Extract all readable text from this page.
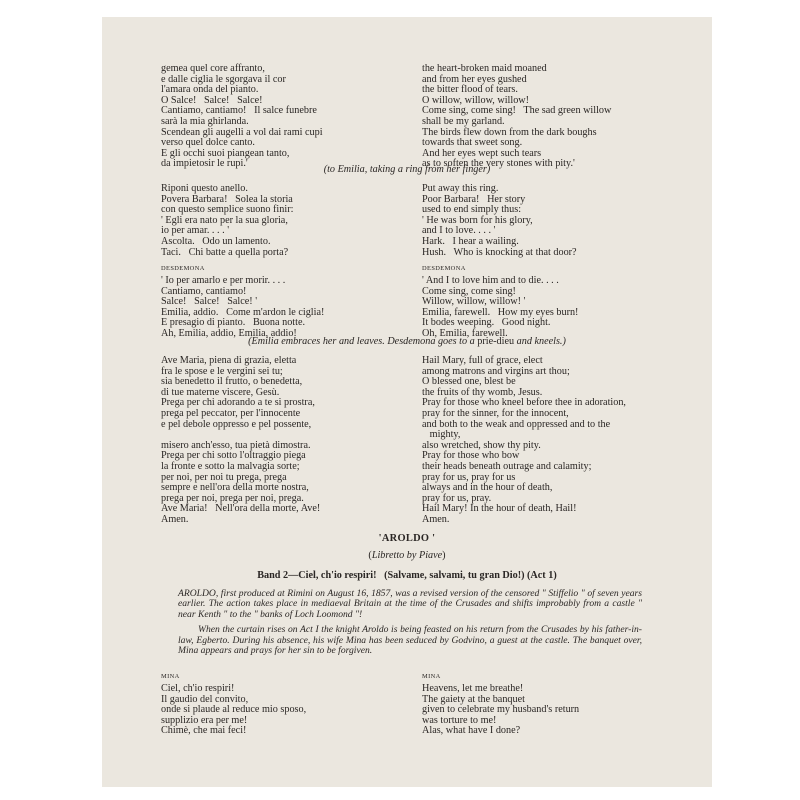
gemea quel core affranto,
e dalle ciglia le sgorgava il cor
l'amara onda del pianto.
O Salce!   Salce!   Salce!
Cantiamo, cantiamo!   Il salce funebre
sarà la mia ghirlanda.
Scendean gli augelli a vol dai rami cupi
verso quel dolce canto.
E gli occhi suoi piangean tanto,
da impietosir le rupi.'
the heart-broken maid moaned
and from her eyes gushed
the bitter flood of tears.
O willow, willow, willow!
Come sing, come sing!   The sad green willow
shall be my garland.
The birds flew down from the dark boughs
towards that sweet song.
And her eyes wept such tears
as to soften the very stones with pity.'
(to Emilia, taking a ring from her finger)
Riponi questo anello.
Povera Barbara!   Solea la storia
con questo semplice suono finir:
' Egli era nato per la sua gloria,
io per amar. . . . '
Ascolta.   Odo un lamento.
Taci.   Chi batte a quella porta?
Put away this ring.
Poor Barbara!   Her story
used to end simply thus:
' He was born for his glory,
and I to love. . . . '
Hark.   I hear a wailing.
Hush.   Who is knocking at that door?
DESDEMONA	DESDEMONA
' Io per amarlo e per morir. . . .
Cantiamo, cantiamo!
Salce!   Salce!   Salce! '
Emilia, addio.   Come m'ardon le ciglia!
E presagio di pianto.   Buona notte.
Ah, Emilia, addio, Emilia, addio!
' And I to love him and to die. . . .
Come sing, come sing!
Willow, willow, willow! '
Emilia, farewell.   How my eyes burn!
It bodes weeping.   Good night.
Oh, Emilia, farewell.
(Emilia embraces her and leaves. Desdemona goes to a prie-dieu and kneels.)
Ave Maria, piena di grazia, eletta
fra le spose e le vergini sei tu;
sia benedetto il frutto, o benedetta,
di tue materne viscere, Gesù.
Prega per chi adorando a te si prostra,
prega pel peccator, per l'innocente
e pel debole oppresso e pel possente,

misero anch'esso, tua pietà dimostra.
Prega per chi sotto l'oltraggio piega
la fronte e sotto la malvagia sorte;
per noi, per noi tu prega, prega
sempre e nell'ora della morte nostra,
prega per noi, prega per noi, prega.
Ave Maria!   Nell'ora della morte, Ave!
Amen.
Hail Mary, full of grace, elect
among matrons and virgins art thou;
O blessed one, blest be
the fruits of thy womb, Jesus.
Pray for those who kneel before thee in adoration,
pray for the sinner, for the innocent,
and both to the weak and oppressed and to the
mighty,
also wretched, show thy pity.
Pray for those who bow
their heads beneath outrage and calamity;
pray for us, pray for us
always and in the hour of death,
pray for us, pray.
Hail Mary! In the hour of death, Hail!
Amen.
'AROLDO '
(Libretto by Piave)
Band 2—Ciel, ch'io respiri!   (Salvame, salvami, tu gran Dio!) (Act 1)

AROLDO, first produced at Rimini on August 16, 1857, was a revised version of the censored " Stiffelio " of seven years earlier. The action takes place in mediaeval Britain at the time of the Crusades and shifts improbably from a castle " near Kenth " to the " banks of Loch Loomond "!

When the curtain rises on Act I the knight Aroldo is being feasted on his return from the Crusades by his father-in-law, Egberto. During his absence, his wife Mina has been seduced by Godvino, a guest at the castle. The banquet over, Mina appears and prays for her sin to be forgiven.

MINA	MINA
Ciel, ch'io respiri!
Il gaudio del convito,
onde si plaude al reduce mio sposo,
supplizio era per me!
Chimè, che mai feci!
Heavens, let me breathe!
The gaiety at the banquet
given to celebrate my husband's return
was torture to me!
Alas, what have I done?
